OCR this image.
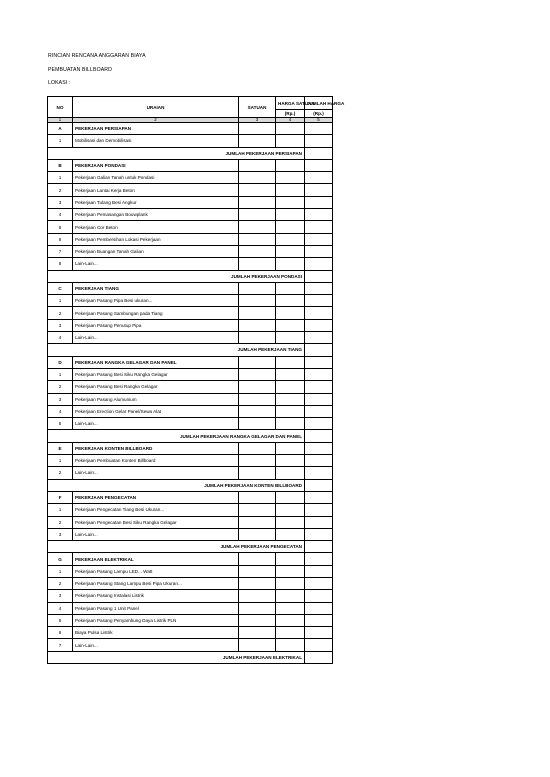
RINCIAN RENCANA ANGGARAN BIAYA
PEMBUATAN BILLBOARD
LOKASI :
NO	URAIAN	SATUAN	HARGA SATUAN	JUMLAH HARGA
			(Rp.)	(Rp.)
1	2	3	4	5
A	PEKERJAAN PERSIAPAN			
1	Mobilisasi dan Demobilisasi			
JUMLAH PEKERJAAN PERSIAPAN				
B	PEKERJAAN PONDASI			
1	Pekerjaan Galian Tanah untuk Pondasi			
2	Pekerjaan Lantai Kerja Beton			
3	Pekerjaan Tulang Besi Angkur			
4	Pekerjaan Pemasangan Bouwplank			
5	Pekerjaan Cor Beton			
6	Pekerjaan Pembersihan Lokasi Pekerjaan			
7	Pekerjaan Buangan Tanah Galian			
8	Lain-Lain...			
JUMLAH PEKERJAAN PONDASI				
C	PEKERJAAN TIANG			
1	Pekerjaan Pasang Pipa Besi ukuran...			
2	Pekerjaan Pasang Sambungan pada Tiang			
3	Pekerjaan Pasang Penutup Pipa			
4	Lain-Lain...			
JUMLAH PEKERJAAN TIANG				
D	PEKERJAAN RANGKA GELAGAR DAN PANEL			
1	Pekerjaan Pasang Besi Siku Rangka Gelagar			
2	Pekerjaan Pasang Besi Rangka Gelagar			
3	Pekerjaan Pasang Alumunium			
4	Pekerjaan Erection Gelar Panel/Sewa Alat			
5	Lain-Lain...			
JUMLAH PEKERJAAN RANGKA GELAGAR DAN PANEL				
E	PEKERJAAN KONTEN BILLBOARD			
1	Pekerjaan Pembuatan Konten Billboard			
2	Lain-Lain...			
JUMLAH PEKERJAAN KONTEN BILLBOARD				
F	PEKERJAAN PENGECATAN			
1	Pekerjaan Pengecatan Tiang Besi Ukuran...			
2	Pekerjaan Pengecatan Besi Siku Rangka Gelagar			
3	Lain-Lain...			
JUMLAH PEKERJAAN PENGECATAN				
G	PEKERJAAN ELEKTRIKAL			
1	Pekerjaan Pasang Lampu LED... Watt			
2	Pekerjaan Pasang Stang Lampu Besi Pipa Ukuran...			
3	Pekerjaan Pasang Instalasi Listrik			
4	Pekerjaan Pasang 1 Unit Panel			
5	Pekerjaan Pasang Penyambung Daya Listrik PLN			
6	Biaya Pulsa Listrik			
7	Lain-Lain...			
JUMLAH PEKERJAAN ELEKTRIKAL				
